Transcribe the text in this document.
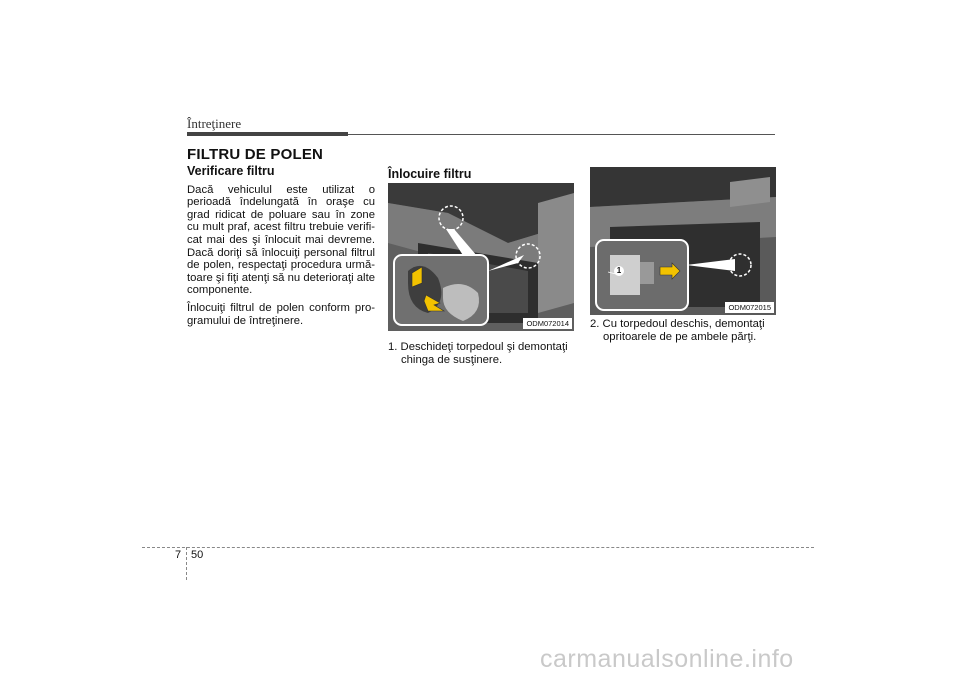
Întreţinere
FILTRU DE POLEN
Verificare filtru

Dacă vehiculul este utilizat o perioadă îndelungată în oraşe cu grad ridicat de poluare sau în zone cu mult praf, acest filtru trebuie verifi-cat mai des şi înlocuit mai devreme. Dacă doriţi să înlocuiţi personal filtrul de polen, respectaţi procedura urmă-toare şi fiţi atenţi să nu deterioraţi alte componente.

Înlocuiţi filtrul de polen conform pro-gramului de întreţinere.

Înlocuire filtru
ODM072014
1. Deschideţi torpedoul şi demontaţi
chinga de susţinere.
1
ODM072015
2. Cu torpedoul deschis, demontaţi
opritoarele de pe ambele părţi.
7 50
carmanualsonline.info
